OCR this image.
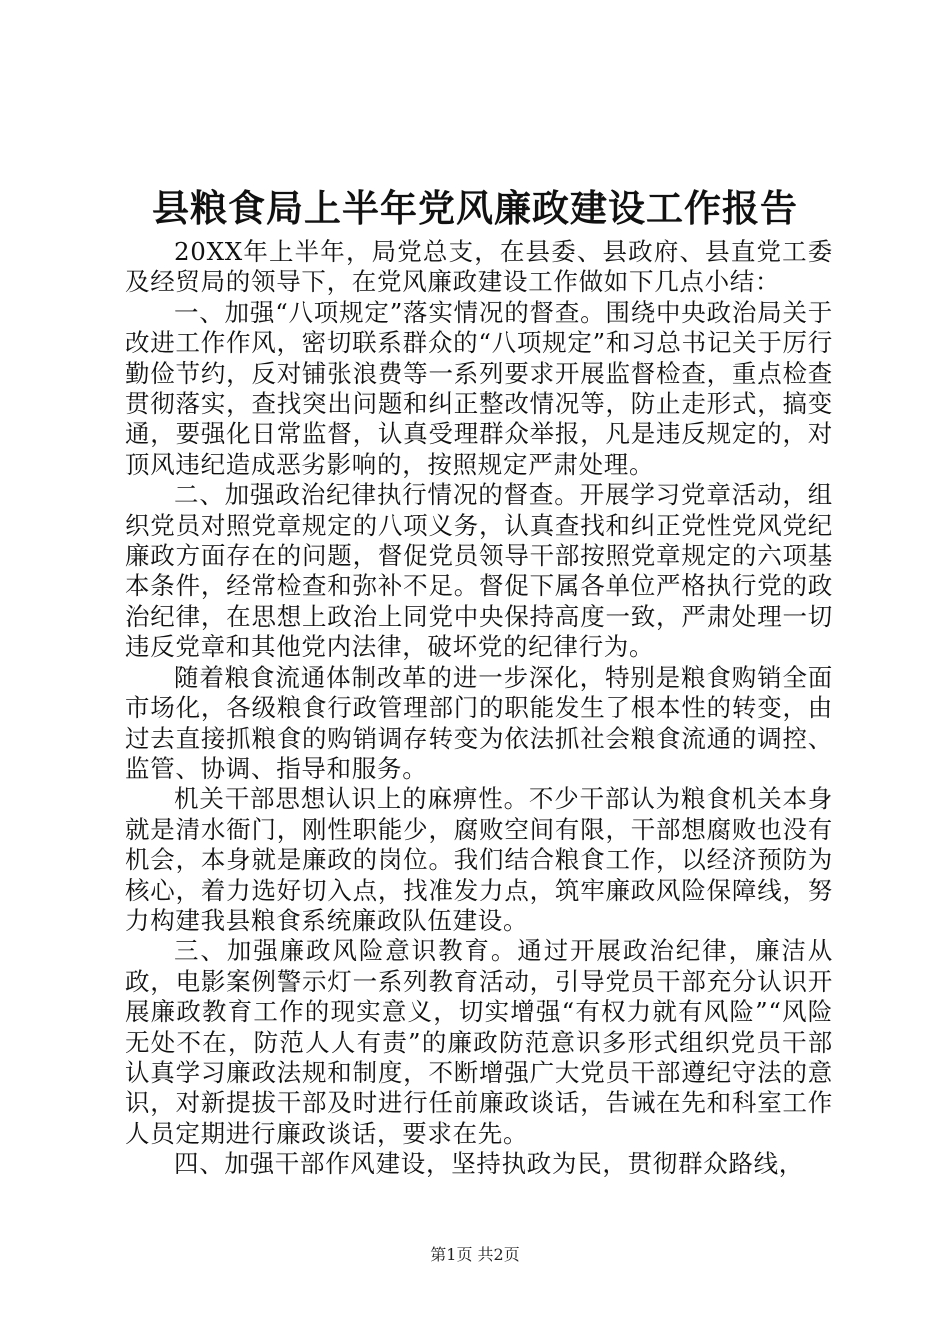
县粮食局上半年党风廉政建设工作报告

20XX年上半年，局党总支，在县委、县政府、县直党工委及经贸局的领导下，在党风廉政建设工作做如下几点小结：

一、加强“八项规定”落实情况的督查。围绕中央政治局关于改进工作作风，密切联系群众的“八项规定”和习总书记关于厉行勤俭节约，反对铺张浪费等一系列要求开展监督检查，重点检查贯彻落实，查找突出问题和纠正整改情况等，防止走形式，搞变通，要强化日常监督，认真受理群众举报，凡是违反规定的，对顶风违纪造成恶劣影响的，按照规定严肃处理。

二、加强政治纪律执行情况的督查。开展学习党章活动，组织党员对照党章规定的八项义务，认真查找和纠正党性党风党纪廉政方面存在的问题，督促党员领导干部按照党章规定的六项基本条件，经常检查和弥补不足。督促下属各单位严格执行党的政治纪律，在思想上政治上同党中央保持高度一致，严肃处理一切违反党章和其他党内法律，破坏党的纪律行为。

随着粮食流通体制改革的进一步深化，特别是粮食购销全面市场化，各级粮食行政管理部门的职能发生了根本性的转变，由过去直接抓粮食的购销调存转变为依法抓社会粮食流通的调控、监管、协调、指导和服务。

机关干部思想认识上的麻痹性。不少干部认为粮食机关本身就是清水衙门，刚性职能少，腐败空间有限，干部想腐败也没有机会，本身就是廉政的岗位。我们结合粮食工作，以经济预防为核心，着力选好切入点，找准发力点，筑牢廉政风险保障线，努力构建我县粮食系统廉政队伍建设。

三、加强廉政风险意识教育。通过开展政治纪律，廉洁从政，电影案例警示灯一系列教育活动，引导党员干部充分认识开展廉政教育工作的现实意义，切实增强“有权力就有风险”“风险无处不在，防范人人有责”的廉政防范意识多形式组织党员干部认真学习廉政法规和制度，不断增强广大党员干部遵纪守法的意识，对新提拔干部及时进行任前廉政谈话，告诫在先和科室工作人员定期进行廉政谈话，要求在先。

四、加强干部作风建设，坚持执政为民，贯彻群众路线，

第1页 共2页
